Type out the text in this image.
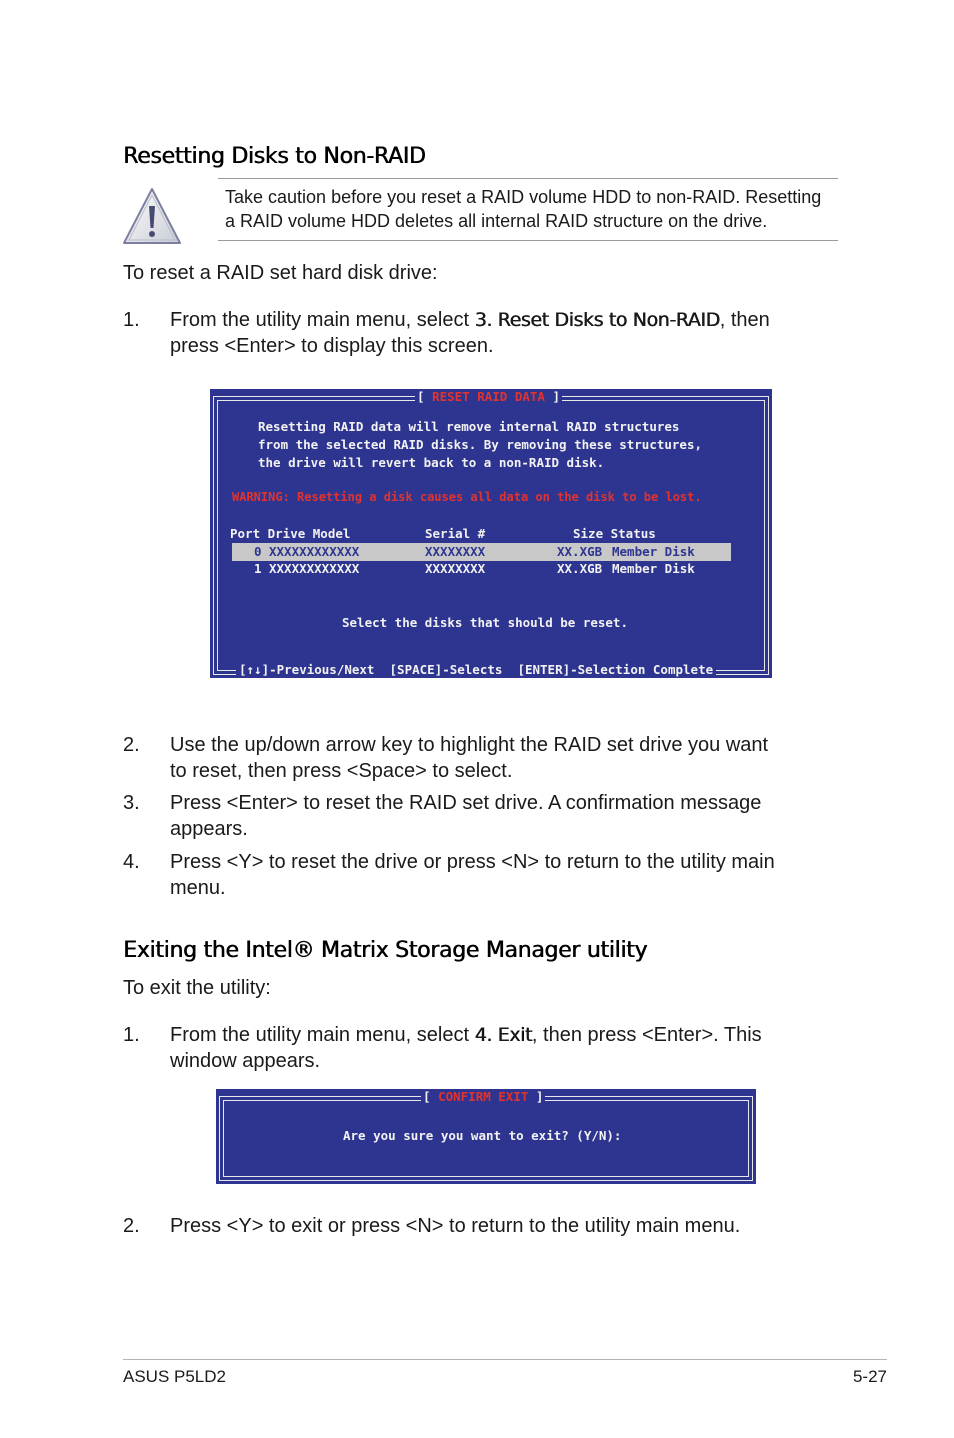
Resetting Disks to Non-RAID
Take caution before you reset a RAID volume HDD to non-RAID. Resetting
a RAID volume HDD deletes all internal RAID structure on the drive.
To reset a RAID set hard disk drive:
1. From the utility main menu, select 3. Reset Disks to Non-RAID, then
press <Enter> to display this screen.
[ RESET RAID DATA ]
Resetting RAID data will remove internal RAID structures
from the selected RAID disks. By removing these structures,
the drive will revert back to a non-RAID disk.
WARNING: Resetting a disk causes all data on the disk to be lost.
Port Drive Model	Serial #	Size Status
0 XXXXXXXXXXXX	XXXXXXXX	XX.XGB Member Disk
1 XXXXXXXXXXXX	XXXXXXXX	XX.XGB Member Disk
Select the disks that should be reset.
[↑↓]-Previous/Next  [SPACE]-Selects  [ENTER]-Selection Complete
2. Use the up/down arrow key to highlight the RAID set drive you want
to reset, then press <Space> to select.
3. Press <Enter> to reset the RAID set drive. A confirmation message
appears.
4. Press <Y> to reset the drive or press <N> to return to the utility main
menu.
Exiting the Intel® Matrix Storage Manager utility
To exit the utility:
1. From the utility main menu, select 4. Exit, then press <Enter>. This
window appears.
[ CONFIRM EXIT ]
Are you sure you want to exit? (Y/N):
2. Press <Y> to exit or press <N> to return to the utility main menu.
ASUS P5LD2	5-27
